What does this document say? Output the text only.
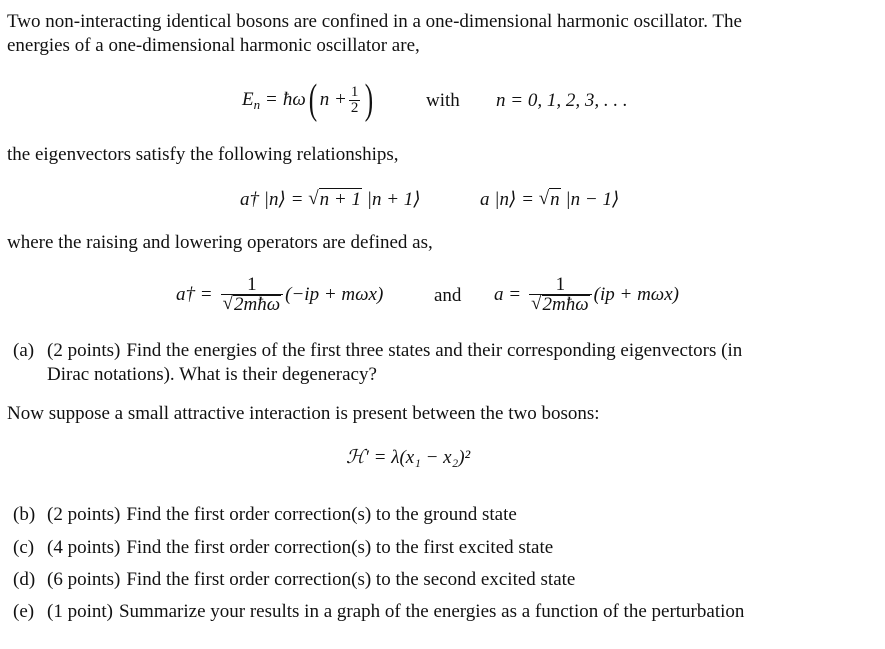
Two non-interacting identical bosons are confined in a one-dimensional harmonic oscillator. The
energies of a one-dimensional harmonic oscillator are,
$E_n$ = ħω ( $n + \frac{1}{2}$ )	with n = 0, 1, 2, 3, . . .
the eigenvectors satisfy the following relationships,
a† |n⟩ = √ n + 1 |n + 1⟩	a |n⟩ = √ n |n − 1⟩
where the raising and lowering operators are defined as,
a† = $\frac{1}{\text{√ 2mħω}} (-ip + m\omega x)$	and $a = \frac{1}{\text{√ 2mħω}} (ip + m\omega x)$
(a) (2 points) Find the energies of the first three states and their corresponding eigenvectors (in
Dirac notations). What is their degeneracy?
Now suppose a small attractive interaction is present between the two bosons:
ℋ′ = λ(x₁ − x₂)²
(b) (2 points) Find the first order correction(s) to the ground state
(c) (4 points) Find the first order correction(s) to the first excited state
(d) (6 points) Find the first order correction(s) to the second excited state
(e) (1 point) Summarize your results in a graph of the energies as a function of the perturbation
